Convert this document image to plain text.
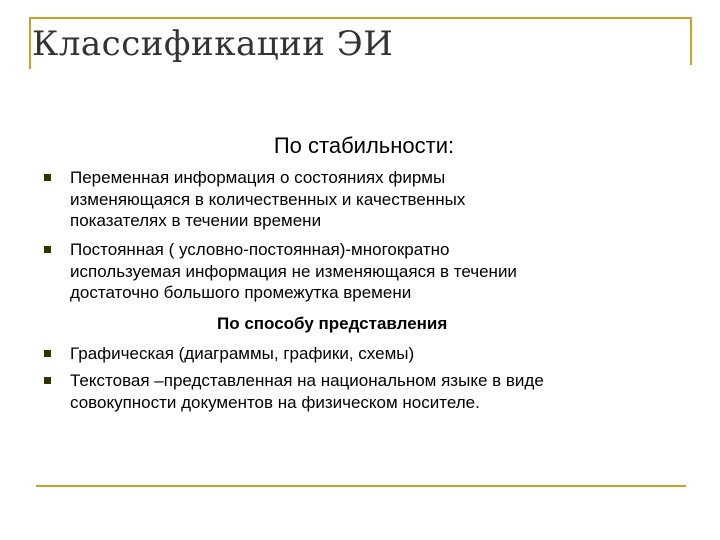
Классификации ЭИ
По стабильности:
Переменная информация о состояниях фирмы
изменяющаяся в количественных и качественных
показателях в течении времени
Постоянная ( условно-постоянная)-многократно
используемая информация не изменяющаяся в течении
достаточно большого промежутка времени
По способу представления
Графическая (диаграммы, графики, схемы)
Текстовая –представленная на национальном языке в виде
совокупности документов на физическом носителе.
